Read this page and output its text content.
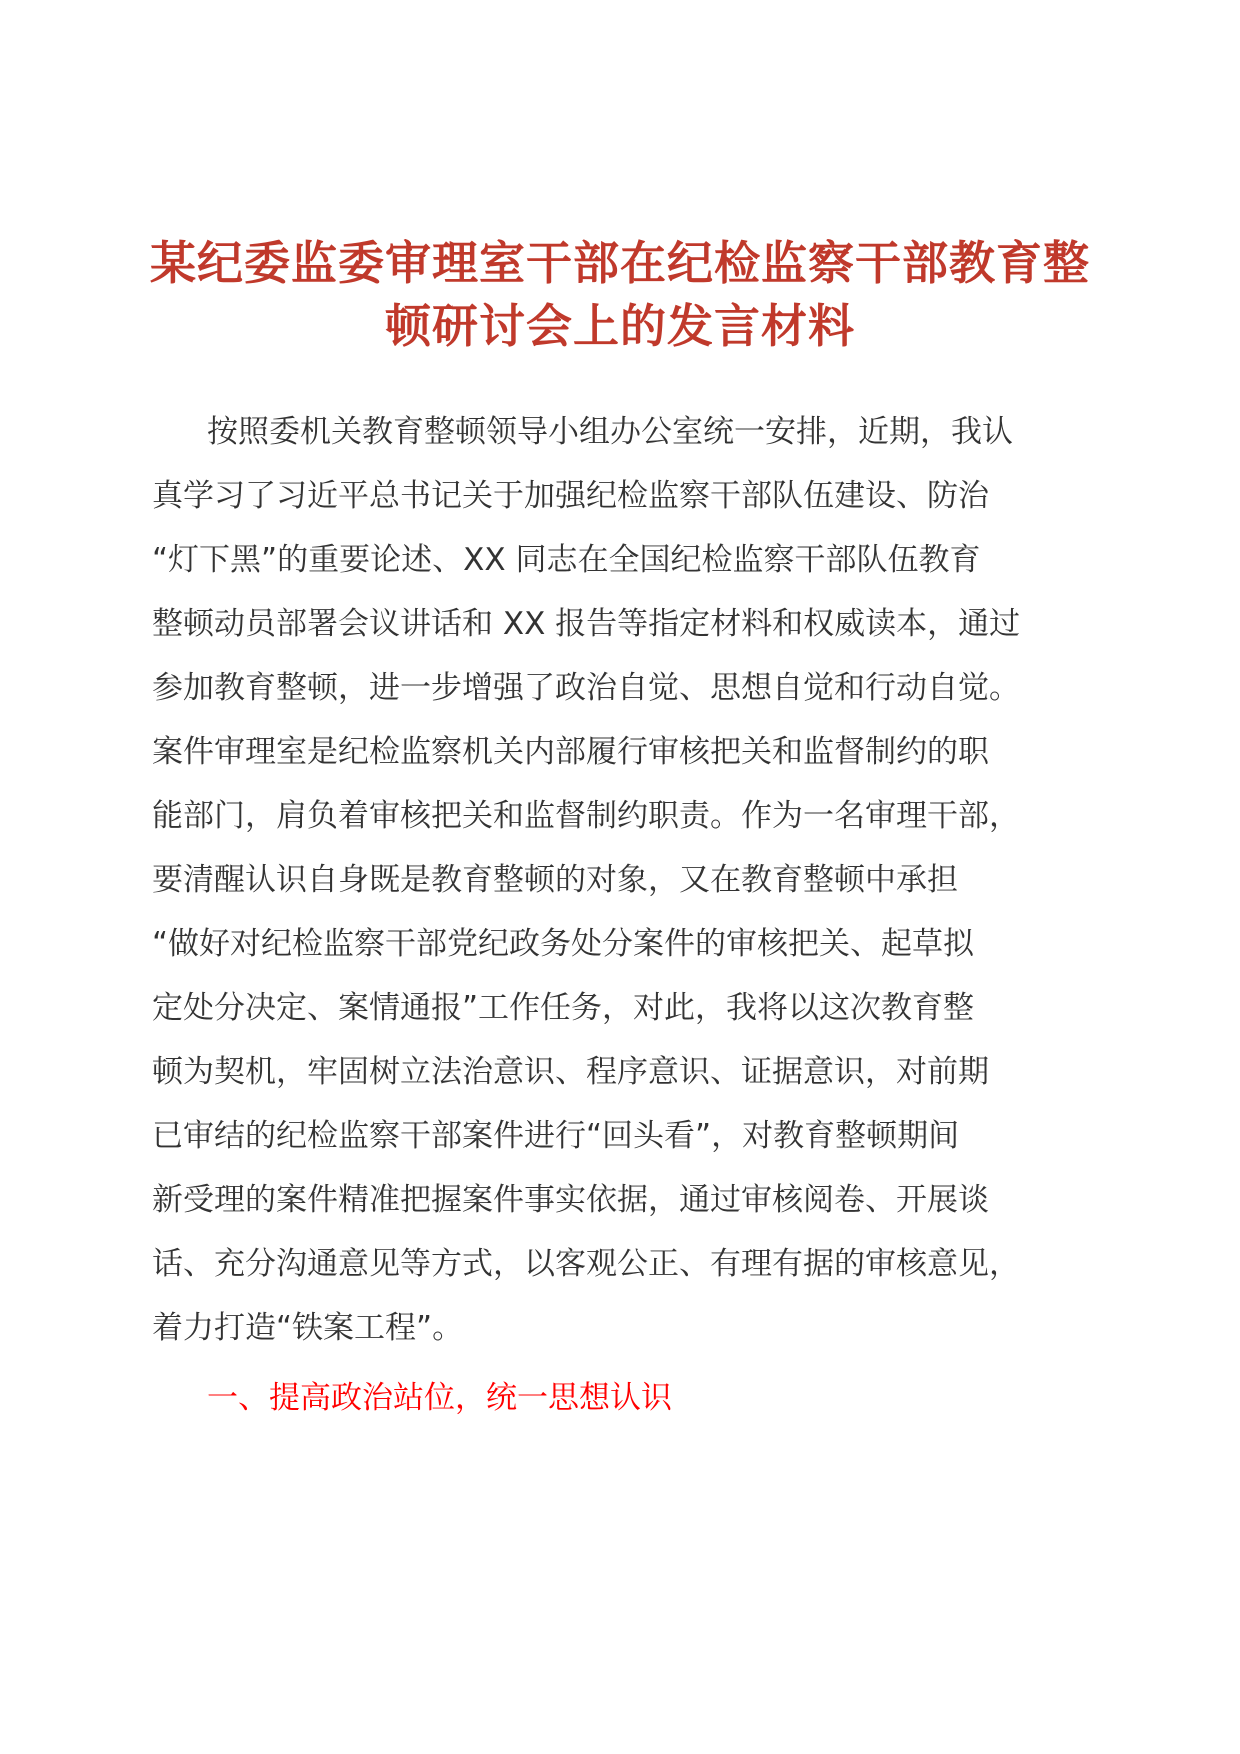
某纪委监委审理室干部在纪检监察干部教育整
顿研讨会上的发言材料

按照委机关教育整顿领导小组办公室统一安排，近期，我认
真学习了习近平总书记关于加强纪检监察干部队伍建设、防治
“灯下黑”的重要论述、XX 同志在全国纪检监察干部队伍教育
整顿动员部署会议讲话和 XX 报告等指定材料和权威读本，通过
参加教育整顿，进一步增强了政治自觉、思想自觉和行动自觉。
案件审理室是纪检监察机关内部履行审核把关和监督制约的职
能部门，肩负着审核把关和监督制约职责。作为一名审理干部，
要清醒认识自身既是教育整顿的对象，又在教育整顿中承担
“做好对纪检监察干部党纪政务处分案件的审核把关、起草拟
定处分决定、案情通报”工作任务，对此，我将以这次教育整
顿为契机，牢固树立法治意识、程序意识、证据意识，对前期
已审结的纪检监察干部案件进行“回头看”，对教育整顿期间
新受理的案件精准把握案件事实依据，通过审核阅卷、开展谈
话、充分沟通意见等方式，以客观公正、有理有据的审核意见，
着力打造“铁案工程”。

一、提高政治站位，统一思想认识
